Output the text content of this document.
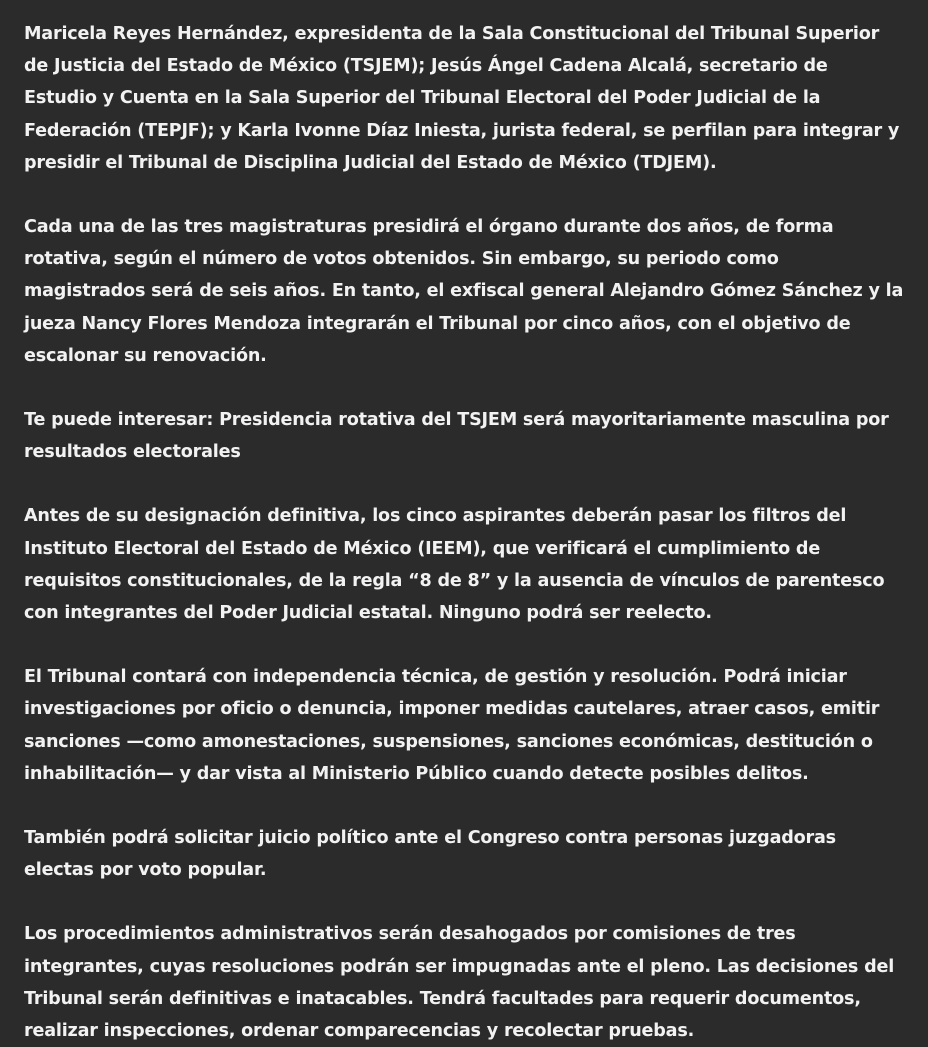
Maricela Reyes Hernández, expresidenta de la Sala Constitucional del Tribunal Superior de Justicia del Estado de México (TSJEM); Jesús Ángel Cadena Alcalá, secretario de Estudio y Cuenta en la Sala Superior del Tribunal Electoral del Poder Judicial de la Federación (TEPJF); y Karla Ivonne Díaz Iniesta, jurista federal, se perfilan para integrar y presidir el Tribunal de Disciplina Judicial del Estado de México (TDJEM).

Cada una de las tres magistraturas presidirá el órgano durante dos años, de forma rotativa, según el número de votos obtenidos. Sin embargo, su periodo como magistrados será de seis años. En tanto, el exfiscal general Alejandro Gómez Sánchez y la jueza Nancy Flores Mendoza integrarán el Tribunal por cinco años, con el objetivo de escalonar su renovación.

Te puede interesar: Presidencia rotativa del TSJEM será mayoritariamente masculina por resultados electorales

Antes de su designación definitiva, los cinco aspirantes deberán pasar los filtros del Instituto Electoral del Estado de México (IEEM), que verificará el cumplimiento de requisitos constitucionales, de la regla “8 de 8” y la ausencia de vínculos de parentesco con integrantes del Poder Judicial estatal. Ninguno podrá ser reelecto.

El Tribunal contará con independencia técnica, de gestión y resolución. Podrá iniciar investigaciones por oficio o denuncia, imponer medidas cautelares, atraer casos, emitir sanciones —como amonestaciones, suspensiones, sanciones económicas, destitución o inhabilitación— y dar vista al Ministerio Público cuando detecte posibles delitos.

También podrá solicitar juicio político ante el Congreso contra personas juzgadoras electas por voto popular.

Los procedimientos administrativos serán desahogados por comisiones de tres integrantes, cuyas resoluciones podrán ser impugnadas ante el pleno. Las decisiones del Tribunal serán definitivas e inatacables. Tendrá facultades para requerir documentos, realizar inspecciones, ordenar comparecencias y recolectar pruebas.
